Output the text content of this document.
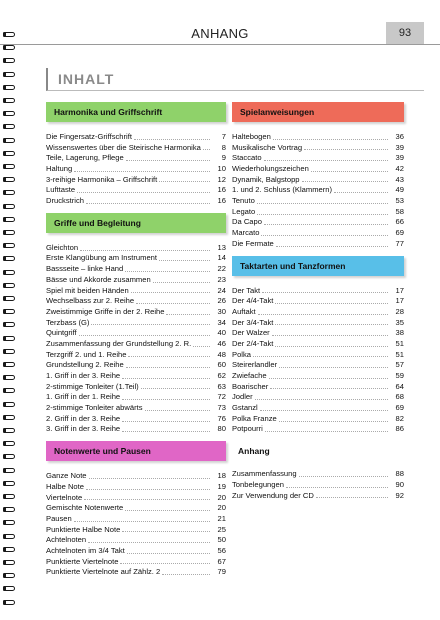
ANHANG	93
INHALT
Harmonika und Griffschrift
Die Fingersatz-Griffschrift	7
Wissenswertes über die Steirische Harmonika	8
Teile, Lagerung, Pflege	9
Haltung	10
3-reihige Harmonika – Griffschrift	12
Lufttaste	16
Druckstrich	16
Griffe und Begleitung
Gleichton	13
Erste Klangübung am Instrument	14
Bassseite – linke Hand	22
Bässe und Akkorde zusammen	23
Spiel mit beiden Händen	24
Wechselbass zur 2. Reihe	26
Zweistimmige Griffe in der 2. Reihe	30
Terzbass (G)	34
Quintgriff	40
Zusammenfassung der Grundstellung 2. R.	46
Terzgriff 2. und 1. Reihe	48
Grundstellung 2. Reihe	60
1. Griff in der 3. Reihe	62
2-stimmige Tonleiter (1.Teil)	63
1. Griff in der 1. Reihe	72
2-stimmige Tonleiter abwärts	73
2. Griff in der 3. Reihe	76
3. Griff in der 3. Reihe	80
Notenwerte und Pausen
Ganze Note	18
Halbe Note	19
Viertelnote	20
Gemischte Notenwerte	20
Pausen	21
Punktierte Halbe Note	25
Achtelnoten	50
Achtelnoten im 3/4 Takt	56
Punktierte Viertelnote	67
Punktierte Viertelnote auf Zählz. 2	79
Spielanweisungen
Haltebogen	36
Musikalische Vortrag	39
Staccato	39
Wiederholungszeichen	42
Dynamik, Balgstopp	43
1. und 2. Schluss (Klammern)	49
Tenuto	53
Legato	58
Da Capo	66
Marcato	69
Die Fermate	77
Taktarten und Tanzformen
Der Takt	17
Der 4/4-Takt	17
Auftakt	28
Der 3/4-Takt	35
Der Walzer	38
Der 2/4-Takt	51
Polka	51
Steirerlandler	57
Zwiefache	59
Boarischer	64
Jodler	68
Gstanzl	69
Polka Franze	82
Potpourri	86
Anhang
Zusammenfassung	88
Tonbelegungen	90
Zur Verwendung der CD	92
